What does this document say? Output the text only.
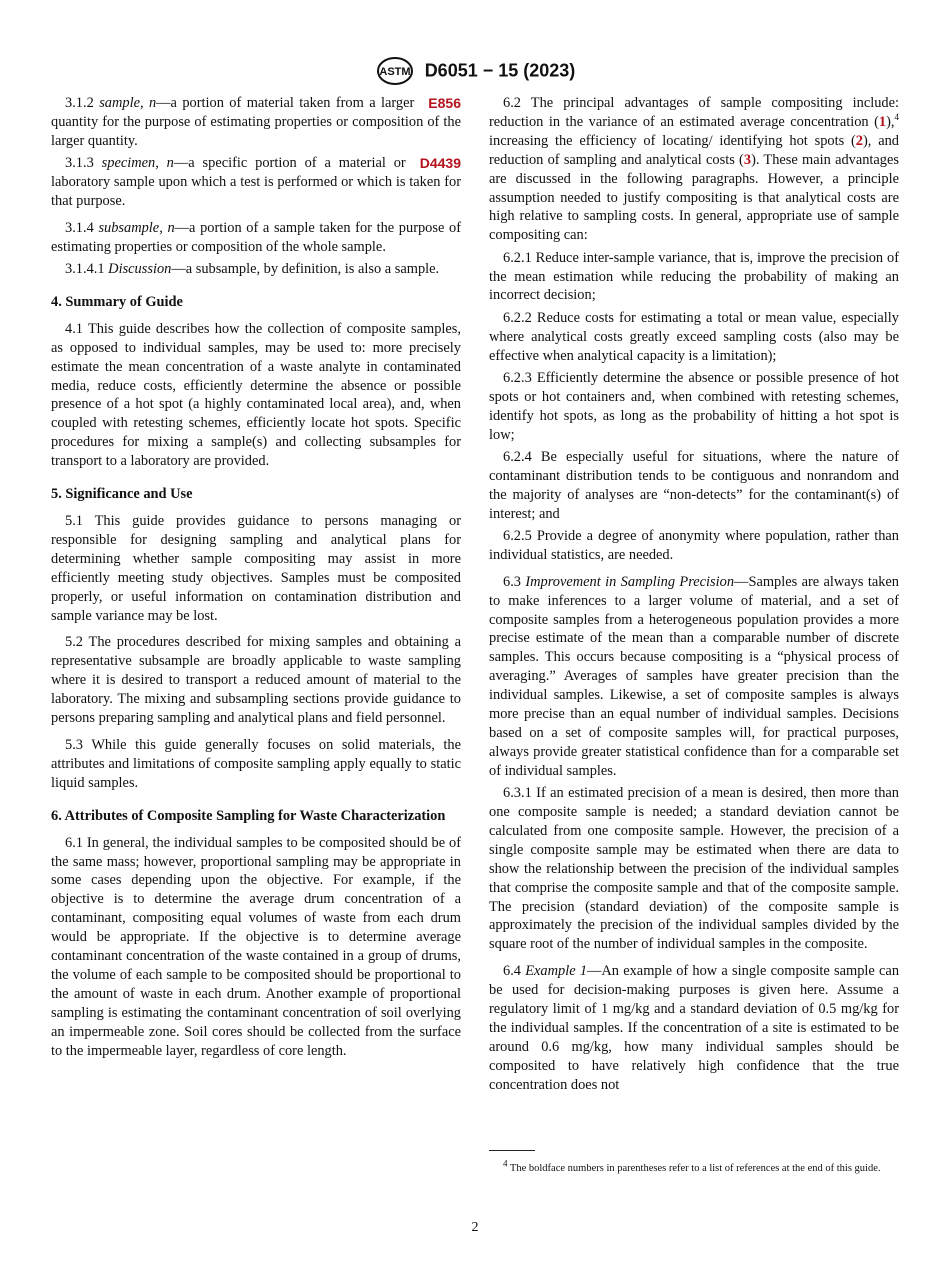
ASTM D6051 − 15 (2023)

E856
3.1.2 sample, n—a portion of material taken from a larger quantity for the purpose of estimating properties or composition of the larger quantity.

D4439
3.1.3 specimen, n—a specific portion of a material or laboratory sample upon which a test is performed or which is taken for that purpose.

3.1.4 subsample, n—a portion of a sample taken for the purpose of estimating properties or composition of the whole sample.

3.1.4.1 Discussion—a subsample, by definition, is also a sample.

4. Summary of Guide

4.1 This guide describes how the collection of composite samples, as opposed to individual samples, may be used to: more precisely estimate the mean concentration of a waste analyte in contaminated media, reduce costs, efficiently determine the absence or possible presence of a hot spot (a highly contaminated local area), and, when coupled with retesting schemes, efficiently locate hot spots. Specific procedures for mixing a sample(s) and collecting subsamples for transport to a laboratory are provided.

5. Significance and Use

5.1 This guide provides guidance to persons managing or responsible for designing sampling and analytical plans for determining whether sample compositing may assist in more efficiently meeting study objectives. Samples must be composited properly, or useful information on contamination distribution and sample variance may be lost.

5.2 The procedures described for mixing samples and obtaining a representative subsample are broadly applicable to waste sampling where it is desired to transport a reduced amount of material to the laboratory. The mixing and subsampling sections provide guidance to persons preparing sampling and analytical plans and field personnel.

5.3 While this guide generally focuses on solid materials, the attributes and limitations of composite sampling apply equally to static liquid samples.

6. Attributes of Composite Sampling for Waste Characterization

6.1 In general, the individual samples to be composited should be of the same mass; however, proportional sampling may be appropriate in some cases depending upon the objective. For example, if the objective is to determine the average drum concentration of a contaminant, compositing equal volumes of waste from each drum would be appropriate. If the objective is to determine average contaminant concentration of the waste contained in a group of drums, the volume of each sample to be composited should be proportional to the amount of waste in each drum. Another example of proportional sampling is estimating the contaminant concentration of soil overlying an impermeable zone. Soil cores should be collected from the surface to the impermeable layer, regardless of core length.

6.2 The principal advantages of sample compositing include: reduction in the variance of an estimated average concentration (1),$^4$ increasing the efficiency of locating/ identifying hot spots (2), and reduction of sampling and analytical costs (3). These main advantages are discussed in the following paragraphs. However, a principle assumption needed to justify compositing is that analytical costs are high relative to sampling costs. In general, appropriate use of sample compositing can:

6.2.1 Reduce inter-sample variance, that is, improve the precision of the mean estimation while reducing the probability of making an incorrect decision;

6.2.2 Reduce costs for estimating a total or mean value, especially where analytical costs greatly exceed sampling costs (also may be effective when analytical capacity is a limitation);

6.2.3 Efficiently determine the absence or possible presence of hot spots or hot containers and, when combined with retesting schemes, identify hot spots, as long as the probability of hitting a hot spot is low;

6.2.4 Be especially useful for situations, where the nature of contaminant distribution tends to be contiguous and nonrandom and the majority of analyses are “non-detects” for the contaminant(s) of interest; and

6.2.5 Provide a degree of anonymity where population, rather than individual statistics, are needed.

6.3 Improvement in Sampling Precision—Samples are always taken to make inferences to a larger volume of material, and a set of composite samples from a heterogeneous population provides a more precise estimate of the mean than a comparable number of discrete samples. This occurs because compositing is a “physical process of averaging.” Averages of samples have greater precision than the individual samples. Likewise, a set of composite samples is always more precise than an equal number of individual samples. Decisions based on a set of composite samples will, for practical purposes, always provide greater statistical confidence than for a comparable set of individual samples.

6.3.1 If an estimated precision of a mean is desired, then more than one composite sample is needed; a standard deviation cannot be calculated from one composite sample. However, the precision of a single composite sample may be estimated when there are data to show the relationship between the precision of the individual samples that comprise the composite sample and that of the composite sample. The precision (standard deviation) of the composite sample is approximately the precision of the individual samples divided by the square root of the number of individual samples in the composite.

6.4 Example 1—An example of how a single composite sample can be used for decision-making purposes is given here. Assume a regulatory limit of 1 mg/kg and a standard deviation of 0.5 mg/kg for the individual samples. If the concentration of a site is estimated to be around 0.6 mg/kg, how many individual samples should be composited to have relatively high confidence that the true concentration does not

$^4$ The boldface numbers in parentheses refer to a list of references at the end of this guide.
2
